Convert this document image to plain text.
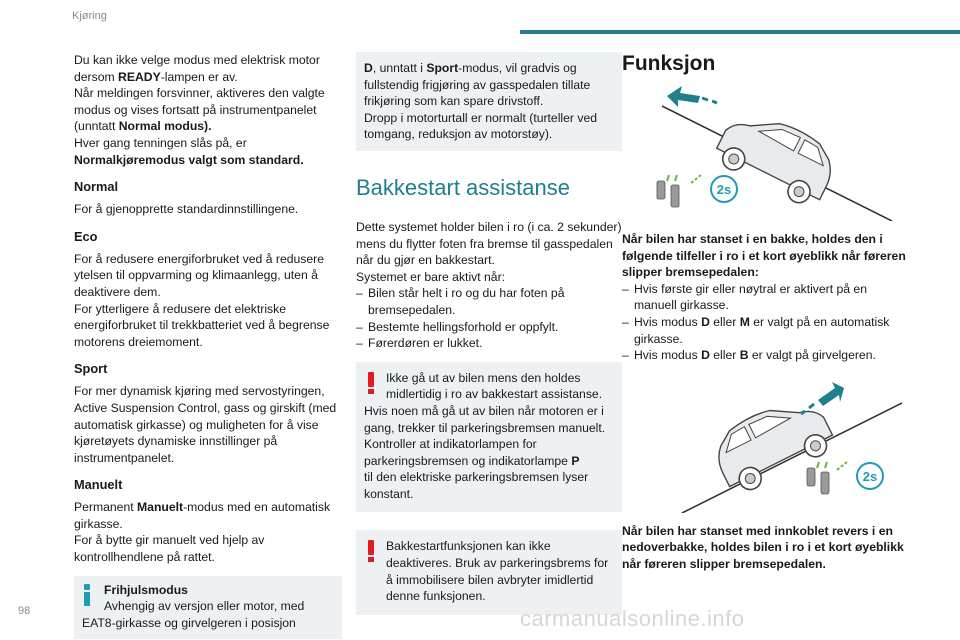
Kjøring

Du kan ikke velge modus med elektrisk motor dersom READY-lampen er av.

Når meldingen forsvinner, aktiveres den valgte modus og vises fortsatt på instrumentpanelet (unntatt Normal modus).

Hver gang tenningen slås på, er Normalkjøremodus valgt som standard.

Normal

For å gjenopprette standardinnstillingene.

Eco

For å redusere energiforbruket ved å redusere ytelsen til oppvarming og klimaanlegg, uten å deaktivere dem.

For ytterligere å redusere det elektriske energiforbruket til trekkbatteriet ved å begrense motorens dreiemoment.

Sport

For mer dynamisk kjøring med servostyringen, Active Suspension Control, gass og girskift (med automatisk girkasse) og muligheten for å vise kjøretøyets dynamiske innstillinger på instrumentpanelet.

Manuelt

Permanent Manuelt-modus med en automatisk girkasse.

For å bytte gir manuelt ved hjelp av kontrollhendlene på rattet.

Frihjulsmodus

Avhengig av versjon eller motor, med

EAT8-girkasse og girvelgeren i posisjon

D, unntatt i Sport-modus, vil gradvis og fullstendig frigjøring av gasspedalen tillate frikjøring som kan spare drivstoff.

Dropp i motorturtall er normalt (turteller ved tomgang, reduksjon av motorstøy).

Bakkestart assistanse

Dette systemet holder bilen i ro (i ca. 2 sekunder) mens du flytter foten fra bremse til gasspedalen når du gjør en bakkestart.

Systemet er bare aktivt når:

– Bilen står helt i ro og du har foten på bremsepedalen.
– Bestemte hellingsforhold er oppfylt.
– Førerdøren er lukket.

Ikke gå ut av bilen mens den holdes midlertidig i ro av bakkestart assistanse.

Hvis noen må gå ut av bilen når motoren er i gang, trekker til parkeringsbremsen manuelt. Kontroller at indikatorlampen for parkeringsbremsen og indikatorlampe P

til den elektriske parkeringsbremsen lyser konstant.

Bakkestartfunksjonen kan ikke deaktiveres. Bruk av parkeringsbrems for å immobilisere bilen avbryter imidlertid denne funksjonen.

Funksjon
2s

Når bilen har stanset i en bakke, holdes den i følgende tilfeller i ro i et kort øyeblikk når føreren slipper bremsepedalen:

– Hvis første gir eller nøytral er aktivert på en manuell girkasse.
– Hvis modus D eller M er valgt på en automatisk girkasse.
– Hvis modus D eller B er valgt på girvelgeren.
2s

Når bilen har stanset med innkoblet revers i en nedoverbakke, holdes bilen i ro i et kort øyeblikk når føreren slipper bremsepedalen.

98	carmanualsonline.info
